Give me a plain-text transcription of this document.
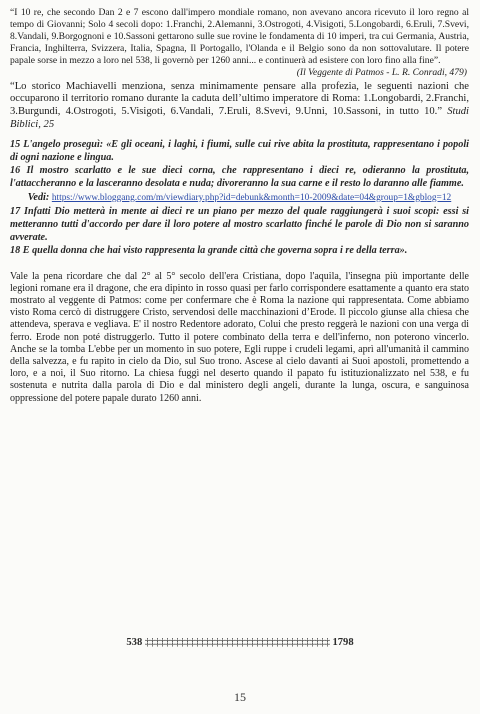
“I 10 re, che secondo Dan 2 e 7 escono dall'impero mondiale romano, non avevano ancora ricevuto il loro regno al tempo di Giovanni; Solo 4 secoli dopo: 1.Franchi, 2.Alemanni, 3.Ostrogoti, 4.Visigoti, 5.Longobardi, 6.Eruli, 7.Svevi, 8.Vandali, 9.Borgognoni e 10.Sassoni gettarono sulle sue rovine le fondamenta di 10 imperi, tra cui Germania, Austria, Francia, Inghilterra, Svizzera, Italia, Spagna, Il Portogallo, l'Olanda e il Belgio sono da non sottovalutare. Il potere papale sorse in mezzo a loro nel 538, li governò per 1260 anni... e continuerà ad esistere con loro fino alla fine”.

(Il Veggente di Patmos - L. R. Conradi, 479)

“Lo storico Machiavelli menziona, senza minimamente pensare alla profezia, le seguenti nazioni che occuparono il territorio romano durante la caduta dell’ultimo imperatore di Roma: 1.Longobardi, 2.Franchi, 3.Burgundi, 4.Ostrogoti, 5.Visigoti, 6.Vandali, 7.Eruli, 8.Svevi, 9.Unni, 10.Sassoni, in tutto 10.” Studi Biblici, 25

15 L'angelo proseguì: «E gli oceani, i laghi, i fiumi, sulle cui rive abita la prostituta, rappresentano i popoli di ogni nazione e lingua.

16 Il mostro scarlatto e le sue dieci corna, che rappresentano i dieci re, odieranno la prostituta, l'attaccheranno e la lasceranno desolata e nuda; divoreranno la sua carne e il resto lo daranno alle fiamme.

Vedi: https://www.bloggang.com/m/viewdiary.php?id=debunk&month=10-2009&date=04&group=1&gblog=12

17 Infatti Dio metterà in mente ai dieci re un piano per mezzo del quale raggiungerà i suoi scopi: essi si metteranno tutti d'accordo per dare il loro potere al mostro scarlatto finché le parole di Dio non si saranno avverate.

18 E quella donna che hai visto rappresenta la grande città che governa sopra i re della terra».

Vale la pena ricordare che dal 2° al 5° secolo dell'era Cristiana, dopo l'aquila, l'insegna più importante delle legioni romane era il dragone, che era dipinto in rosso quasi per farlo corrispondere esattamente a quanto era stato mostrato al veggente di Patmos: come per confermare che è Roma la nazione qui rappresentata. Come abbiamo visto Roma cercò di distruggere Cristo, servendosi delle macchinazioni d’Erode. Il piccolo giunse alla chiesa che attendeva, sperava e vegliava. E' il nostro Redentore adorato, Colui che presto reggerà le nazioni con una verga di ferro. Erode non poté distruggerlo. Tutto il potere combinato della terra e dell'inferno, non poterono vincerlo. Anche se la tomba L'ebbe per un momento in suo potere, Egli ruppe i crudeli legami, aprì all'umanità il cammino della salvezza, e fu rapito in cielo da Dio, sul Suo trono. Ascese al cielo davanti ai Suoi apostoli, promettendo a loro, e a noi, il Suo ritorno. La chiesa fuggì nel deserto quando il papato fu istituzionalizzato nel 538, e fu sostenuta e nutrita dalla parola di Dio e dal ministero degli angeli, durante la lunga, oscura, e sanguinosa oppressione del potere papale durato 1260 anni.

538 ‡‡‡‡‡‡‡‡‡‡‡‡‡‡‡‡‡‡‡‡‡‡‡‡‡‡‡‡‡‡‡‡‡‡‡‡‡ 1798
15
